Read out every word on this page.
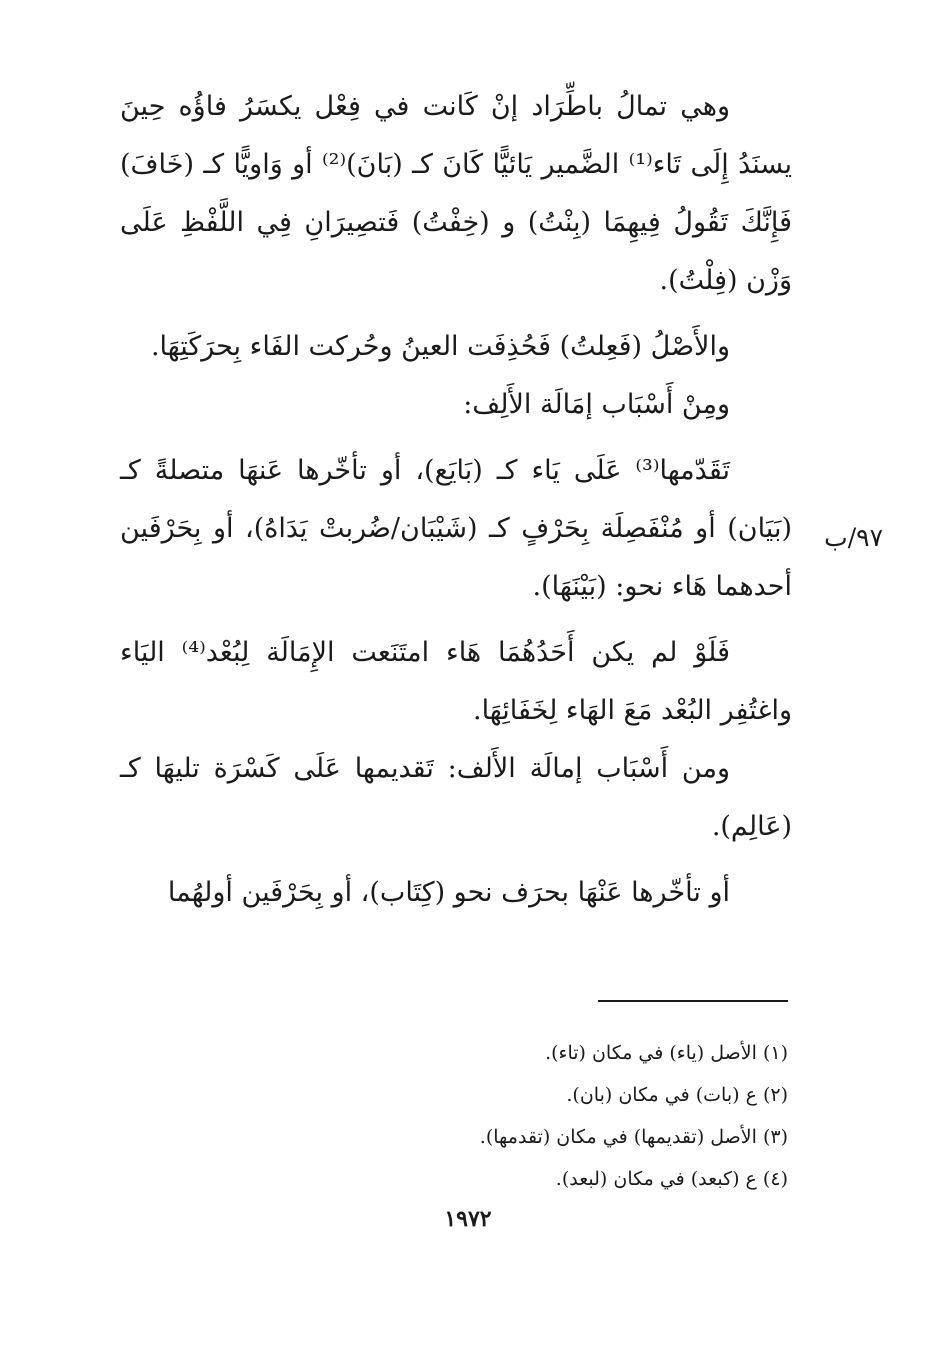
٩٧/ب

وهي تمالُ باطِّرَاد إنْ كَانت في فِعْل يكسَرُ فاؤُه حِينَ يسنَدُ إِلَى تَاء⁽¹⁾ الضَّمير يَائيًّا كَانَ كـ (بَانَ)⁽²⁾ أو وَاويًّا كـ (خَافَ) فَإِنَّكَ تَقُولُ فِيهِمَا (بِنْتُ) و (خِفْتُ) فَتصِيرَانِ فِي اللَّفْظِ عَلَى وَزْن (فِلْتُ).

والأَصْلُ (فَعِلتُ) فَحُذِفَت العينُ وحُركت الفَاء بِحرَكَتِهَا.

ومِنْ أَسْبَاب إمَالَة الأَلِف:

تَقَدّمها⁽³⁾ عَلَى يَاء كـ (بَايَع)، أو تأخّرها عَنهَا متصلةً كـ (بَيَان) أو مُنْفَصِلَة بِحَرْفٍ كـ (شَيْبَان/ضُربتْ يَدَاهُ)، أو بِحَرْفَين أحدهما هَاء نحو: (بَيْنَهَا).

فَلَوْ لم يكن أَحَدُهُمَا هَاء امتَنَعت الإِمَالَة لِبُعْد⁽⁴⁾ اليَاء واغتُفِر البُعْد مَعَ الهَاء لِخَفَائِهَا.

ومن أَسْبَاب إمالَة الأَلف: تَقديمها عَلَى كَسْرَة تليهَا كـ (عَالِم).

أو تأخّرها عَنْهَا بحرَف نحو (كِتَاب)، أو بِحَرْفَين أولهُما

(١) الأصل (ياء) في مكان (تاء).

(٢) ع (بات) في مكان (بان).

(٣) الأصل (تقديمها) في مكان (تقدمها).

(٤) ع (كبعد) في مكان (لبعد).

١٩٧٢
